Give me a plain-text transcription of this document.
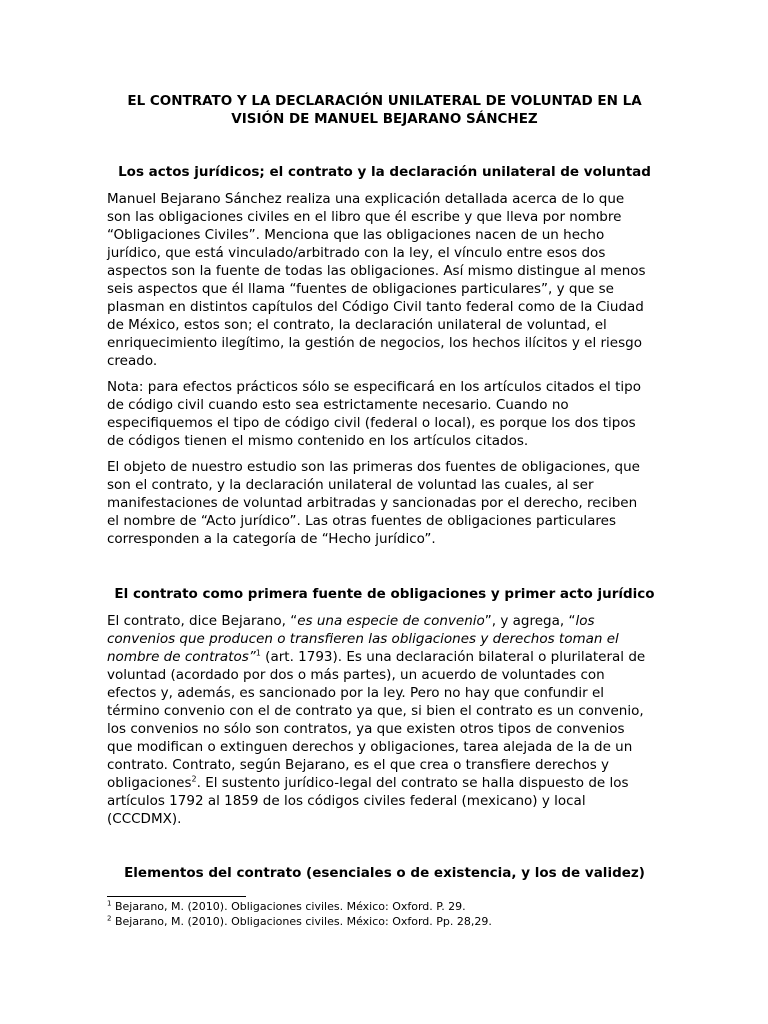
EL CONTRATO Y LA DECLARACIÓN UNILATERAL DE VOLUNTAD EN LA
VISIÓN DE MANUEL BEJARANO SÁNCHEZ
Los actos jurídicos; el contrato y la declaración unilateral de voluntad

Manuel Bejarano Sánchez realiza una explicación detallada acerca de lo que
son las obligaciones civiles en el libro que él escribe y que lleva por nombre
“Obligaciones Civiles”. Menciona que las obligaciones nacen de un hecho
jurídico, que está vinculado/arbitrado con la ley, el vínculo entre esos dos
aspectos son la fuente de todas las obligaciones. Así mismo distingue al menos
seis aspectos que él llama “fuentes de obligaciones particulares”, y que se
plasman en distintos capítulos del Código Civil tanto federal como de la Ciudad
de México, estos son; el contrato, la declaración unilateral de voluntad, el
enriquecimiento ilegítimo, la gestión de negocios, los hechos ilícitos y el riesgo
creado.

Nota: para efectos prácticos sólo se especificará en los artículos citados el tipo
de código civil cuando esto sea estrictamente necesario. Cuando no
especifiquemos el tipo de código civil (federal o local), es porque los dos tipos
de códigos tienen el mismo contenido en los artículos citados.

El objeto de nuestro estudio son las primeras dos fuentes de obligaciones, que
son el contrato, y la declaración unilateral de voluntad las cuales, al ser
manifestaciones de voluntad arbitradas y sancionadas por el derecho, reciben
el nombre de “Acto jurídico”. Las otras fuentes de obligaciones particulares
corresponden a la categoría de “Hecho jurídico”.

El contrato como primera fuente de obligaciones y primer acto jurídico

El contrato, dice Bejarano, “es una especie de convenio”, y agrega, “los
convenios que producen o transfieren las obligaciones y derechos toman el
nombre de contratos”$^1$ (art. 1793). Es una declaración bilateral o plurilateral de
voluntad (acordado por dos o más partes), un acuerdo de voluntades con
efectos y, además, es sancionado por la ley. Pero no hay que confundir el
término convenio con el de contrato ya que, si bien el contrato es un convenio,
los convenios no sólo son contratos, ya que existen otros tipos de convenios
que modifican o extinguen derechos y obligaciones, tarea alejada de la de un
contrato. Contrato, según Bejarano, es el que crea o transfiere derechos y
obligaciones$^2$. El sustento jurídico-legal del contrato se halla dispuesto de los
artículos 1792 al 1859 de los códigos civiles federal (mexicano) y local
(CCCDMX).

Elementos del contrato (esenciales o de existencia, y los de validez)
$^1$ Bejarano, M. (2010). Obligaciones civiles. México: Oxford. P. 29.
$^2$ Bejarano, M. (2010). Obligaciones civiles. México: Oxford. Pp. 28,29.
